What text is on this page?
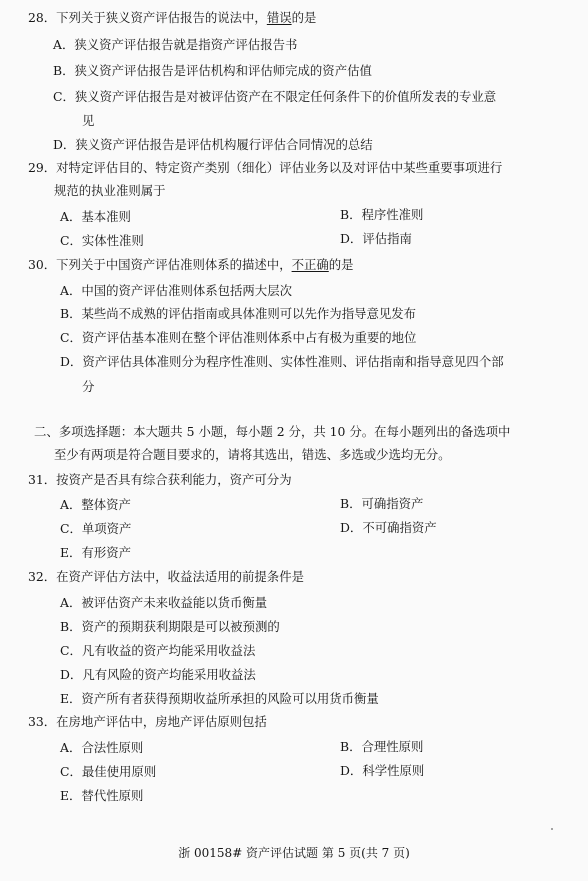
28．下列关于狭义资产评估报告的说法中，错误的是
A．狭义资产评估报告就是指资产评估报告书
B．狭义资产评估报告是评估机构和评估师完成的资产估值
C．狭义资产评估报告是对被评估资产在不限定任何条件下的价值所发表的专业意
见
D．狭义资产评估报告是评估机构履行评估合同情况的总结
29．对特定评估目的、特定资产类别（细化）评估业务以及对评估中某些重要事项进行
规范的执业准则属于
A．基本准则	B．程序性准则
C．实体性准则	D．评估指南
30．下列关于中国资产评估准则体系的描述中，不正确的是
A．中国的资产评估准则体系包括两大层次
B．某些尚不成熟的评估指南或具体准则可以先作为指导意见发布
C．资产评估基本准则在整个评估准则体系中占有极为重要的地位
D．资产评估具体准则分为程序性准则、实体性准则、评估指南和指导意见四个部
分
二、多项选择题：本大题共 5 小题，每小题 2 分，共 10 分。在每小题列出的备选项中
至少有两项是符合题目要求的，请将其选出，错选、多选或少选均无分。
31．按资产是否具有综合获利能力，资产可分为
A．整体资产	B．可确指资产
C．单项资产	D．不可确指资产
E．有形资产
32．在资产评估方法中，收益法适用的前提条件是
A．被评估资产未来收益能以货币衡量
B．资产的预期获利期限是可以被预测的
C．凡有收益的资产均能采用收益法
D．凡有风险的资产均能采用收益法
E．资产所有者获得预期收益所承担的风险可以用货币衡量
33．在房地产评估中，房地产评估原则包括
A．合法性原则	B．合理性原则
C．最佳使用原则	D．科学性原则
E．替代性原则
浙 00158# 资产评估试题 第 5 页(共 7 页)
